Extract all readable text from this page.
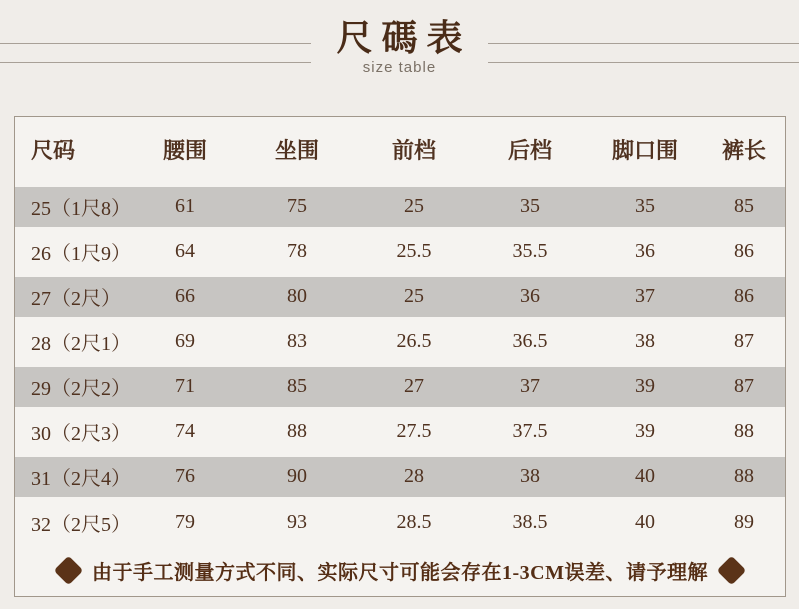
尺碼表
size table
尺码	腰围	坐围	前档	后档	脚口围	裤长
25（1尺8）	61	75	25	35	35	85
26（1尺9）	64	78	25.5	35.5	36	86
27（2尺）	66	80	25	36	37	86
28（2尺1）	69	83	26.5	36.5	38	87
29（2尺2）	71	85	27	37	39	87
30（2尺3）	74	88	27.5	37.5	39	88
31（2尺4）	76	90	28	38	40	88
32（2尺5）	79	93	28.5	38.5	40	89
由于手工测量方式不同、实际尺寸可能会存在1-3CM误差、请予理解
